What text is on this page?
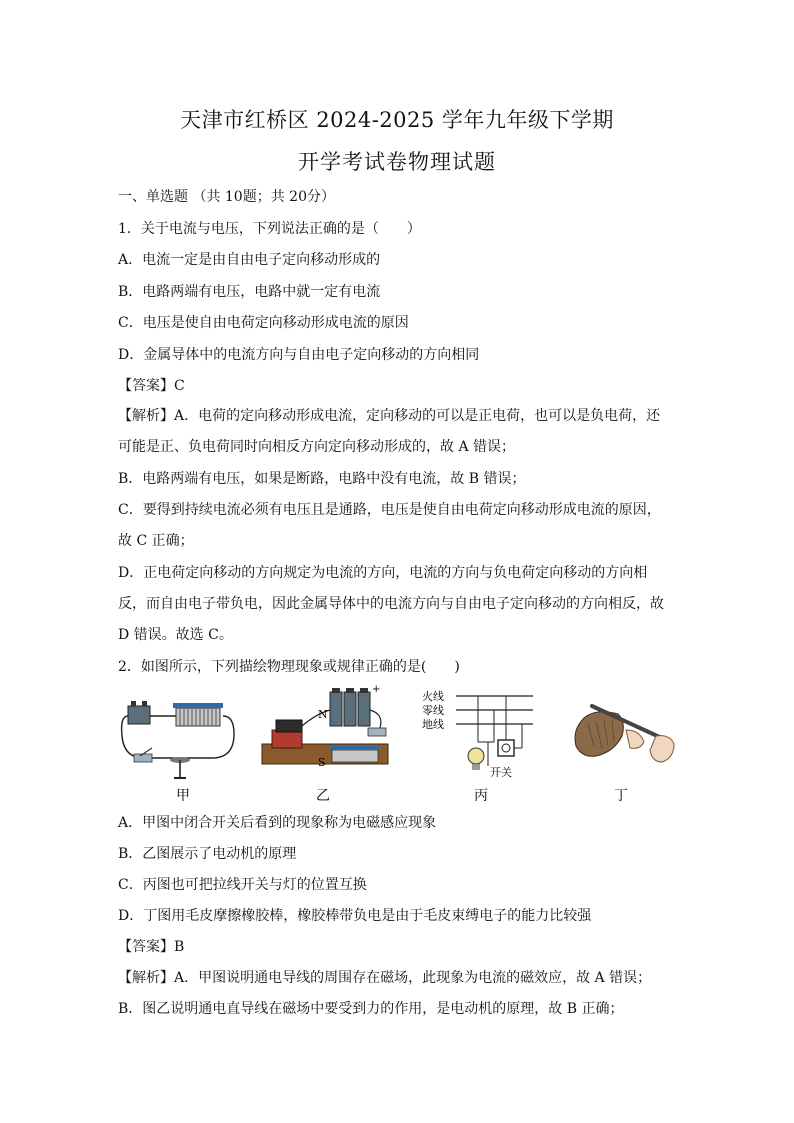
天津市红桥区 2024-2025 学年九年级下学期
开学考试卷物理试题
一、单选题 （共 10题；共 20分）
1．关于电流与电压，下列说法正确的是（　　）
A．电流一定是由自由电子定向移动形成的
B．电路两端有电压，电路中就一定有电流
C．电压是使自由电荷定向移动形成电流的原因
D．金属导体中的电流方向与自由电子定向移动的方向相同
【答案】C
【解析】A．电荷的定向移动形成电流，定向移动的可以是正电荷，也可以是负电荷，还
可能是正、负电荷同时向相反方向定向移动形成的，故 A 错误；
B．电路两端有电压，如果是断路，电路中没有电流，故 B 错误；
C．要得到持续电流必须有电压且是通路，电压是使自由电荷定向移动形成电流的原因，
故 C 正确；
D．正电荷定向移动的方向规定为电流的方向，电流的方向与负电荷定向移动的方向相
反，而自由电子带负电，因此金属导体中的电流方向与自由电子定向移动的方向相反，故
D 错误。故选 C。
2．如图所示，下列描绘物理现象或规律正确的是(　　)
甲
N
S
+
乙
火线
零线
地线
开关
丙	丁
A．甲图中闭合开关后看到的现象称为电磁感应现象
B．乙图展示了电动机的原理
C．丙图也可把拉线开关与灯的位置互换
D．丁图用毛皮摩擦橡胶棒，橡胶棒带负电是由于毛皮束缚电子的能力比较强
【答案】B
【解析】A．甲图说明通电导线的周围存在磁场，此现象为电流的磁效应，故 A 错误；
B．图乙说明通电直导线在磁场中要受到力的作用，是电动机的原理，故 B 正确；
